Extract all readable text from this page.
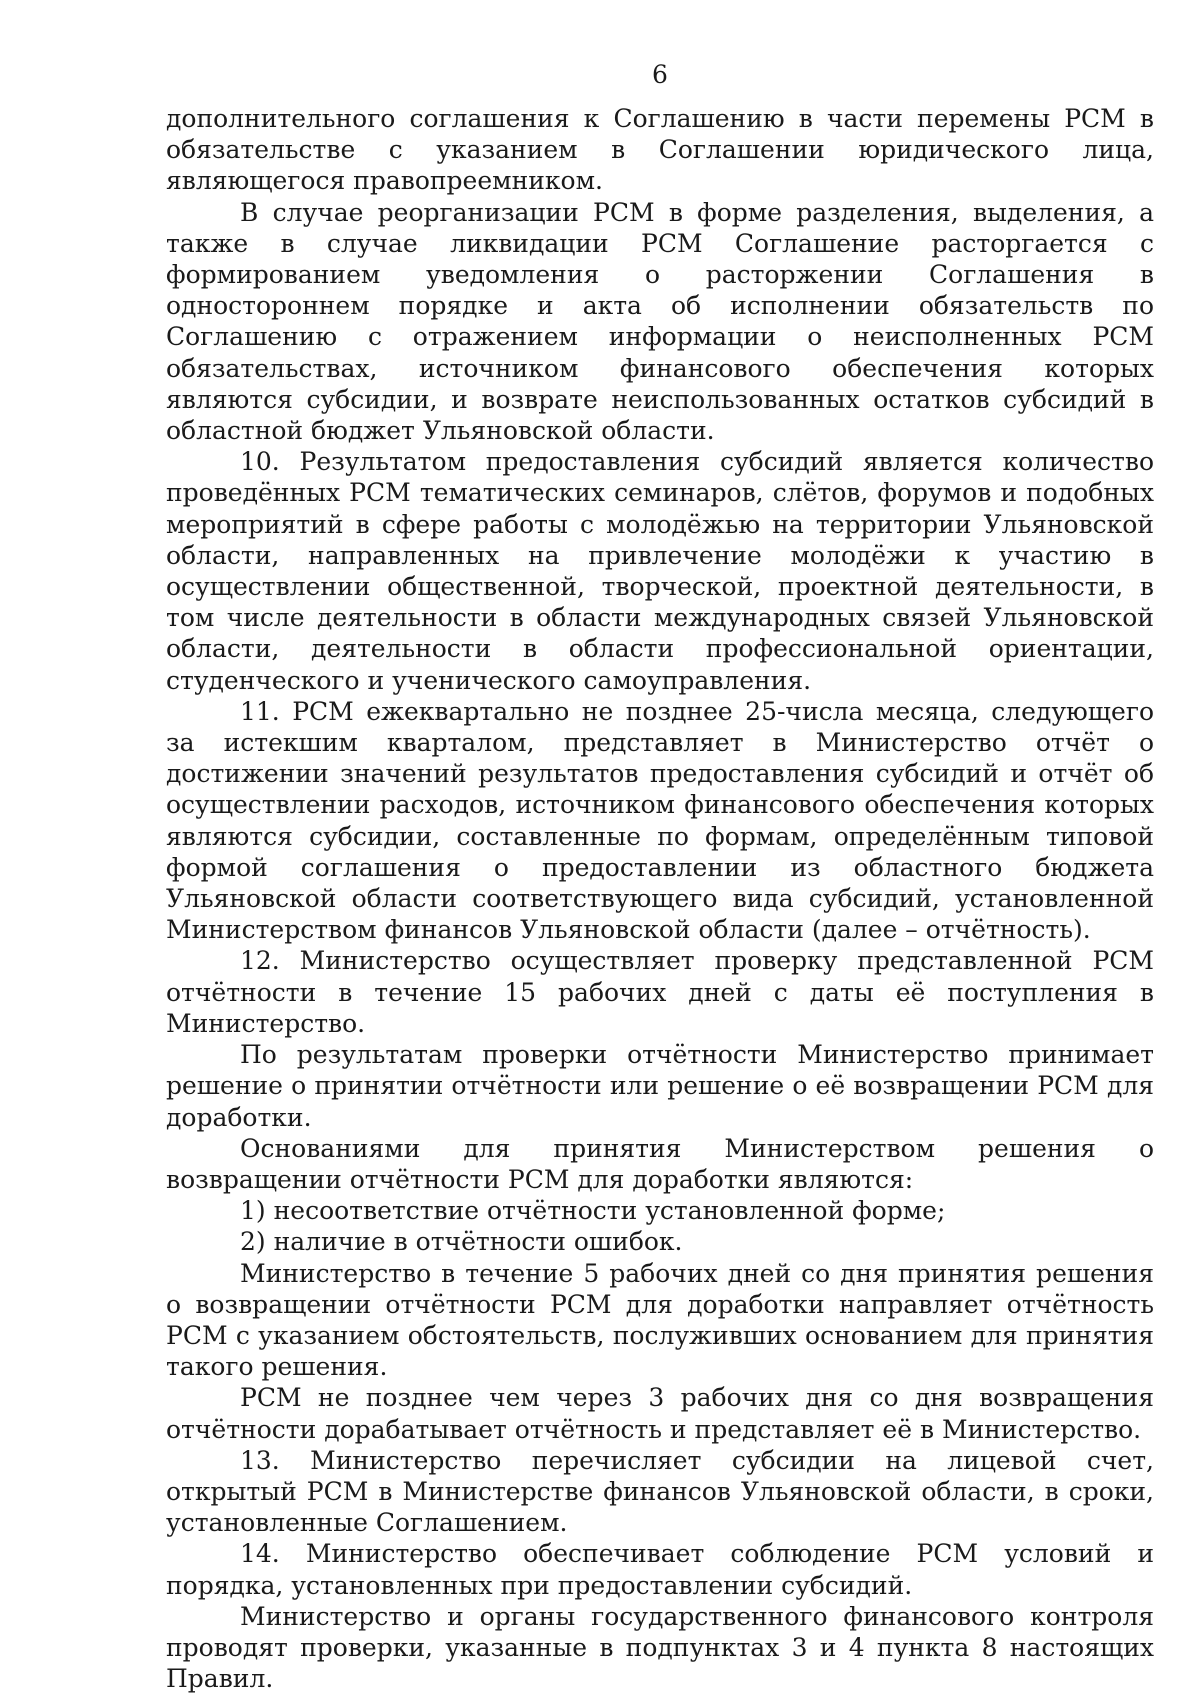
6

дополнительного соглашения к Соглашению в части перемены РСМ в обязательстве с указанием в Соглашении юридического лица, являющегося правопреемником.

В случае реорганизации РСМ в форме разделения, выделения, а также в случае ликвидации РСМ Соглашение расторгается с формированием уведомления о расторжении Соглашения в одностороннем порядке и акта об исполнении обязательств по Соглашению с отражением информации о неисполненных РСМ обязательствах, источником финансового обеспечения которых являются субсидии, и возврате неиспользованных остатков субсидий в областной бюджет Ульяновской области.

10. Результатом предоставления субсидий является количество проведённых РСМ тематических семинаров, слётов, форумов и подобных мероприятий в сфере работы с молодёжью на территории Ульяновской области, направленных на привлечение молодёжи к участию в осуществлении общественной, творческой, проектной деятельности, в том числе деятельности в области международных связей Ульяновской области, деятельности в области профессиональной ориентации, студенческого и ученического самоуправления.

11. РСМ ежеквартально не позднее 25-числа месяца, следующего за истекшим кварталом, представляет в Министерство отчёт о достижении значений результатов предоставления субсидий и отчёт об осуществлении расходов, источником финансового обеспечения которых являются субсидии, составленные по формам, определённым типовой формой соглашения о предоставлении из областного бюджета Ульяновской области соответствующего вида субсидий, установленной Министерством финансов Ульяновской области (далее – отчётность).

12. Министерство осуществляет проверку представленной РСМ отчётности в течение 15 рабочих дней с даты её поступления в Министерство.

По результатам проверки отчётности Министерство принимает решение о принятии отчётности или решение о её возвращении РСМ для доработки.

Основаниями для принятия Министерством решения о возвращении отчётности РСМ для доработки являются:

1) несоответствие отчётности установленной форме;

2) наличие в отчётности ошибок.

Министерство в течение 5 рабочих дней со дня принятия решения о возвращении отчётности РСМ для доработки направляет отчётность РСМ с указанием обстоятельств, послуживших основанием для принятия такого решения.

РСМ не позднее чем через 3 рабочих дня со дня возвращения отчётности дорабатывает отчётность и представляет её в Министерство.

13. Министерство перечисляет субсидии на лицевой счет, открытый РСМ в Министерстве финансов Ульяновской области, в сроки, установленные Соглашением.

14. Министерство обеспечивает соблюдение РСМ условий и порядка, установленных при предоставлении субсидий.

Министерство и органы государственного финансового контроля проводят проверки, указанные в подпунктах 3 и 4 пункта 8 настоящих Правил.
